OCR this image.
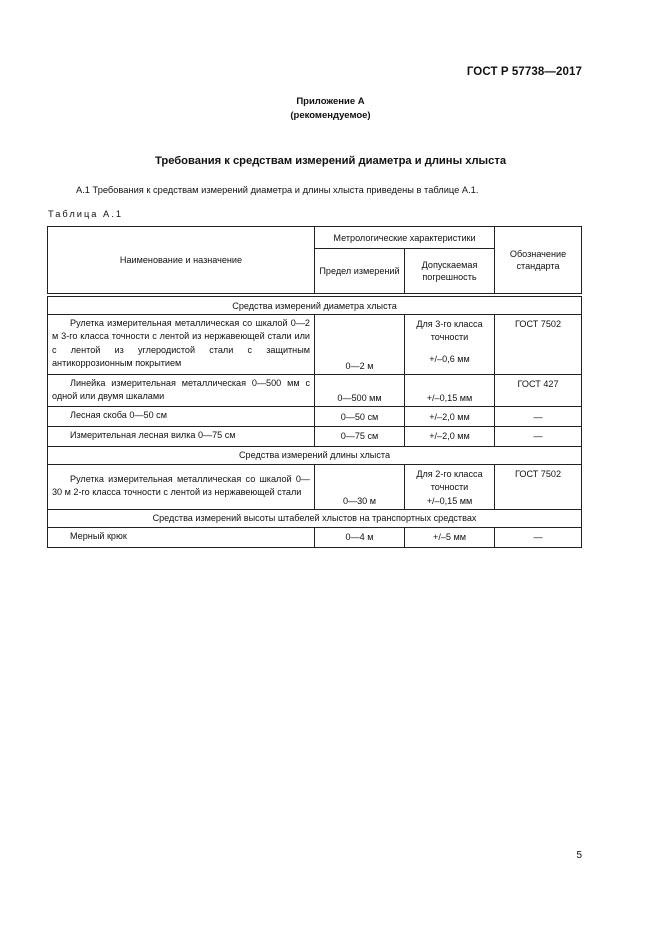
ГОСТ Р 57738—2017
Приложение А
(рекомендуемое)
Требования к средствам измерений диаметра и длины хлыста
А.1 Требования к средствам измерений диаметра и длины хлыста приведены в таблице А.1.
Таблица А.1
Наименование и назначение	Метрологические характеристики		Обозначение стандарта
	Предел измерений	Допускаемая погрешность	

Средства измерений диаметра хлыста			

Рулетка измерительная металлическая со шкалой 0—2 м 3-го класса точности с лентой из нержавеющей стали или с лентой из углеродистой стали с защитным антикоррозионным покрытием	0—2 м	Для 3-го класса
точности
+/–0,6 мм	ГОСТ 7502

Линейка измерительная металлическая 0—500 мм с одной или двумя шкалами	0—500 мм	+/–0,15 мм	ГОСТ 427

Лесная скоба 0—50 см	0—50 см	+/–2,0 мм	—

Измерительная лесная вилка 0—75 см	0—75 см	+/–2,0 мм	—
Средства измерений длины хлыста			

Рулетка измерительная металлическая со шкалой 0—30 м 2-го класса точности с лентой из нержавеющей стали	0—30 м	Для 2-го класса
точности
+/–0,15 мм	ГОСТ 7502
Средства измерений высоты штабелей хлыстов на транспортных средствах			

Мерный крюк	0—4 м	+/–5 мм	—
5
